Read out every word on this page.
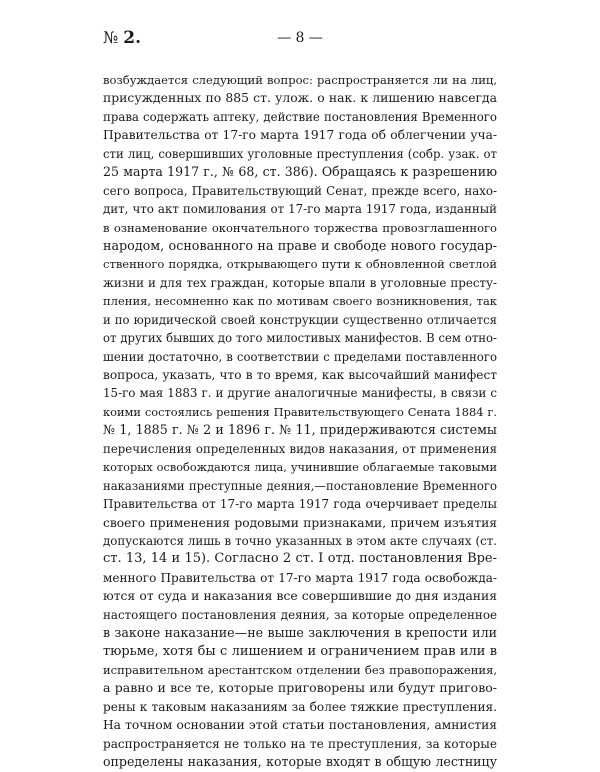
№ 2.	— 8 —
возбуждается следующий вопрос: распространяется ли на лиц,
присужденных по 885 ст. улож. о нак. к лишению навсегда
права содержать аптеку, действие постановления Временного
Правительства от 17-го марта 1917 года об облегчении уча-
сти лиц, совершивших уголовные преступления (собр. узак. от
25 марта 1917 г., № 68, ст. 386). Обращаясь к разрешению
сего вопроса, Правительствующий Сенат, прежде всего, нахо-
дит, что акт помилования от 17-го марта 1917 года, изданный
в ознаменование окончательного торжества провозглашенного
народом, основанного на праве и свободе нового государ-
ственного порядка, открывающего пути к обновленной светлой
жизни и для тех граждан, которые впали в уголовные престу-
пления, несомненно как по мотивам своего возникновения, так
и по юридической своей конструкции существенно отличается
от других бывших до того милостивых манифестов. В сем отно-
шении достаточно, в соответствии с пределами поставленного
вопроса, указать, что в то время, как высочайший манифест
15-го мая 1883 г. и другие аналогичные манифесты, в связи с
коими состоялись решения Правительствующего Сената 1884 г.
№ 1, 1885 г. № 2 и 1896 г. № 11, придерживаются системы
перечисления определенных видов наказания, от применения
которых освобождаются лица, учинившие облагаемые таковыми
наказаниями преступные деяния,—постановление Временного
Правительства от 17-го марта 1917 года очерчивает пределы
своего применения родовыми признаками, причем изъятия
допускаются лишь в точно указанных в этом акте случаях (ст.
ст. 13, 14 и 15). Согласно 2 ст. I отд. постановления Вре-
менного Правительства от 17-го марта 1917 года освобожда-
ются от суда и наказания все совершившие до дня издания
настоящего постановления деяния, за которые определенное
в законе наказание—не выше заключения в крепости или
тюрьме, хотя бы с лишением и ограничением прав или в
исправительном арестантском отделении без правопоражения,
а равно и все те, которые приговорены или будут пригово-
рены к таковым наказаниям за более тяжкие преступления.
На точном основании этой статьи постановления, амнистия
распространяется не только на те преступления, за которые
определены наказания, которые входят в общую лестницу
